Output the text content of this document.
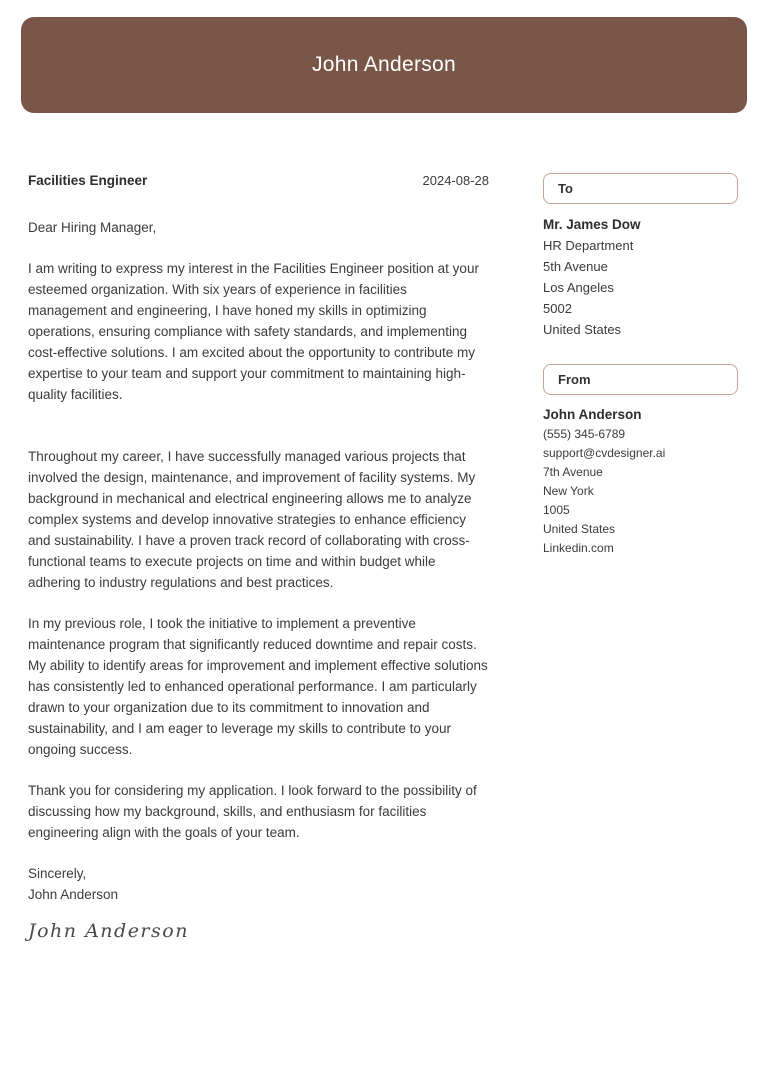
John Anderson
Facilities Engineer	2024-08-28

Dear Hiring Manager,

I am writing to express my interest in the Facilities Engineer position at your esteemed organization. With six years of experience in facilities management and engineering, I have honed my skills in optimizing operations, ensuring compliance with safety standards, and implementing cost-effective solutions. I am excited about the opportunity to contribute my expertise to your team and support your commitment to maintaining high-quality facilities.

Throughout my career, I have successfully managed various projects that involved the design, maintenance, and improvement of facility systems. My background in mechanical and electrical engineering allows me to analyze complex systems and develop innovative strategies to enhance efficiency and sustainability. I have a proven track record of collaborating with cross-functional teams to execute projects on time and within budget while adhering to industry regulations and best practices.

In my previous role, I took the initiative to implement a preventive maintenance program that significantly reduced downtime and repair costs. My ability to identify areas for improvement and implement effective solutions has consistently led to enhanced operational performance. I am particularly drawn to your organization due to its commitment to innovation and sustainability, and I am eager to leverage my skills to contribute to your ongoing success.

Thank you for considering my application. I look forward to the possibility of discussing how my background, skills, and enthusiasm for facilities engineering align with the goals of your team.

Sincerely,

John Anderson

John Anderson
To
Mr. James Dow
HR Department
5th Avenue
Los Angeles
5002
United States
From
John Anderson
(555) 345-6789
support@cvdesigner.ai
7th Avenue
New York
1005
United States
Linkedin.com
